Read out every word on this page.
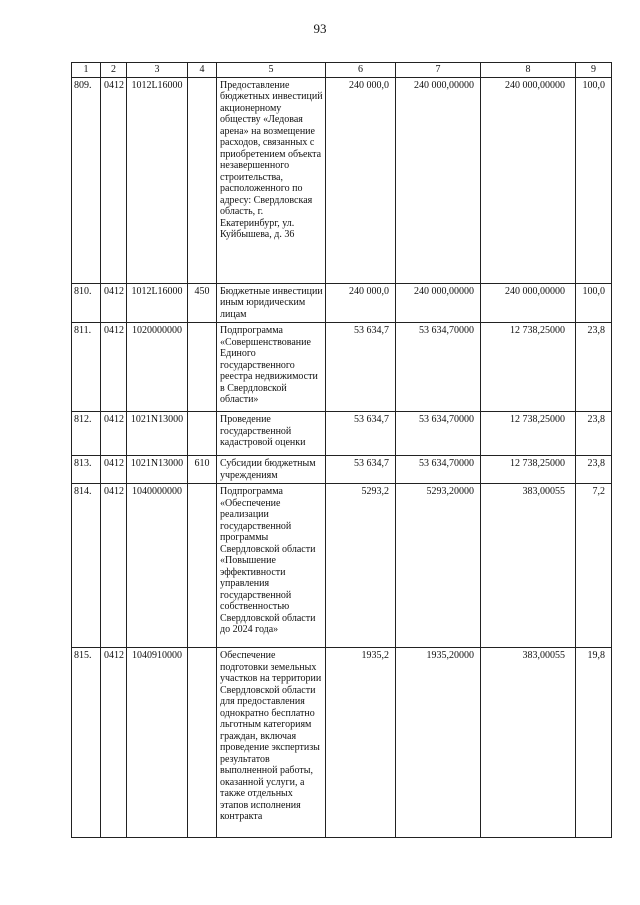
93
1	2	3	4	5	6	7	8	9
809.	0412	1012L16000		Предоставление бюджетных инвестиций акционерному обществу «Ледовая арена» на возмещение расходов, связанных с приобретением объекта незавершенного строительства, расположенного по адресу: Свердловская область, г. Екатеринбург, ул. Куйбышева, д. 36	240 000,0	240 000,00000	240 000,00000	100,0
810.	0412	1012L16000	450	Бюджетные инвестиции иным юридическим лицам	240 000,0	240 000,00000	240 000,00000	100,0
811.	0412	1020000000		Подпрограмма «Совершенствование Единого государственного реестра недвижимости в Свердловской области»	53 634,7	53 634,70000	12 738,25000	23,8
812.	0412	1021N13000		Проведение государственной кадастровой оценки	53 634,7	53 634,70000	12 738,25000	23,8
813.	0412	1021N13000	610	Субсидии бюджетным учреждениям	53 634,7	53 634,70000	12 738,25000	23,8
814.	0412	1040000000		Подпрограмма «Обеспечение реализации государственной программы Свердловской области «Повышение эффективности управления государственной собственностью Свердловской области до 2024 года»	5293,2	5293,20000	383,00055	7,2
815.	0412	1040910000		Обеспечение подготовки земельных участков на территории Свердловской области для предоставления однократно бесплатно льготным категориям граждан, включая проведение экспертизы результатов выполненной работы, оказанной услуги, а также отдельных этапов исполнения контракта	1935,2	1935,20000	383,00055	19,8
